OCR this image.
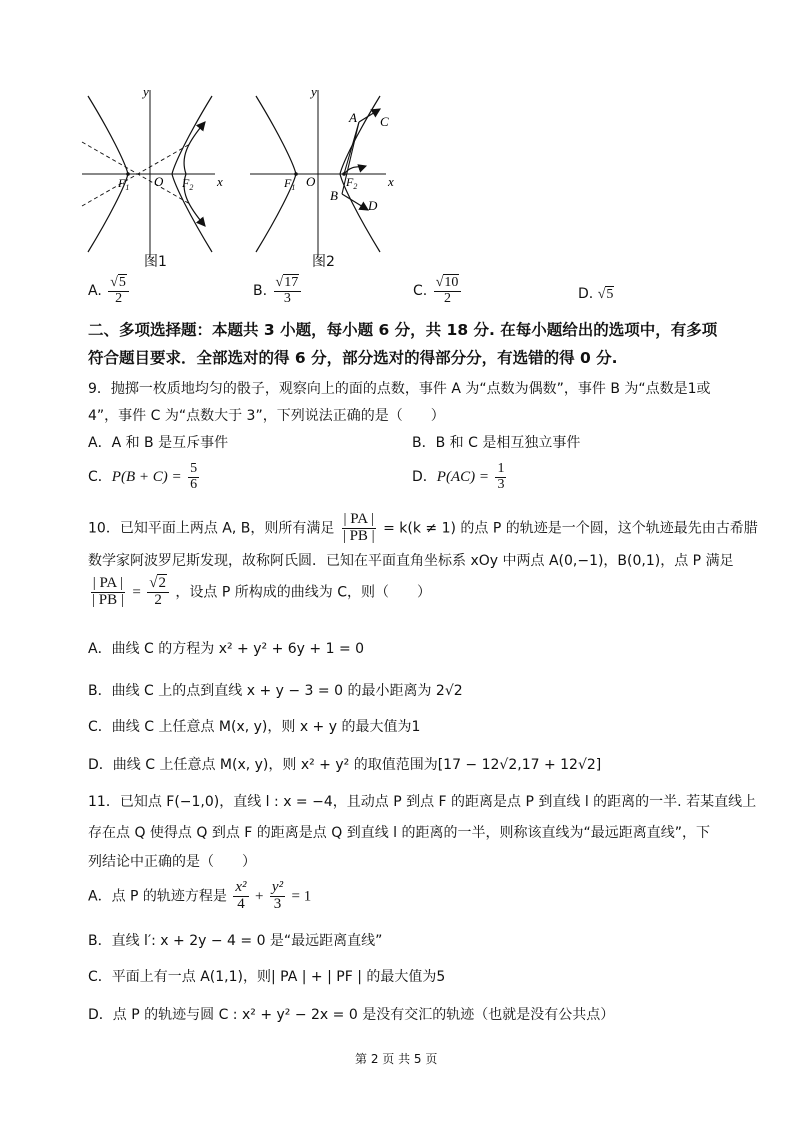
y
x
O
$F_1$	$F_2$
图1
y
x
O
$F_1$	$F_2$
A C
B
D
图2
A. $\frac{√5}{2}$	B. $\frac{√17}{3}$	C. $\frac{√10}{2}$	D. √5
二、多项选择题：本题共 3 小题，每小题 6 分，共 18 分. 在每小题给出的选项中，有多项
符合题目要求．全部选对的得 6 分，部分选对的得部分分，有选错的得 0 分.
9．抛掷一枚质地均匀的骰子，观察向上的面的点数，事件 A 为“点数为偶数”，事件 B 为“点数是1或
4”，事件 C 为“点数大于 3”，下列说法正确的是（　　）
A．A 和 B 是互斥事件	B．B 和 C 是相互独立事件
C．$P(B + C) = \frac{5}{6}$	D．$P(AC) = \frac{1}{3}$
10．已知平面上两点 A, B，则所有满足 $\frac{| PA |}{| PB |} = k(k \ne 1)$ 的点 P 的轨迹是一个圆，这个轨迹最先由古希腊
数学家阿波罗尼斯发现，故称阿氏圆．已知在平面直角坐标系 xOy 中两点 A(0,−1)，B(0,1)，点 P 满足
$\frac{| PA |}{| PB |} = \frac{√2}{2}$ ，设点 P 所构成的曲线为 C，则（　　）
A．曲线 C 的方程为 x² + y² + 6y + 1 = 0
B．曲线 C 上的点到直线 x + y − 3 = 0 的最小距离为 2√2
C．曲线 C 上任意点 M(x, y)，则 x + y 的最大值为1
D．曲线 C 上任意点 M(x, y)，则 x² + y² 的取值范围为[17 − 12√2,17 + 12√2]
11．已知点 F(−1,0)，直线 l : x = −4，且动点 P 到点 F 的距离是点 P 到直线 l 的距离的一半. 若某直线上
存在点 Q 使得点 Q 到点 F 的距离是点 Q 到直线 l 的距离的一半，则称该直线为“最远距离直线”，下
列结论中正确的是（　　）
A．点 P 的轨迹方程是 $\frac{\text{x²}}{4} + \frac{\text{y²}}{3} = 1$
B．直线 l′: x + 2y − 4 = 0 是“最远距离直线”
C．平面上有一点 A(1,1)，则| PA | + | PF | 的最大值为5
D．点 P 的轨迹与圆 C : x² + y² − 2x = 0 是没有交汇的轨迹（也就是没有公共点）
第 2 页 共 5 页
